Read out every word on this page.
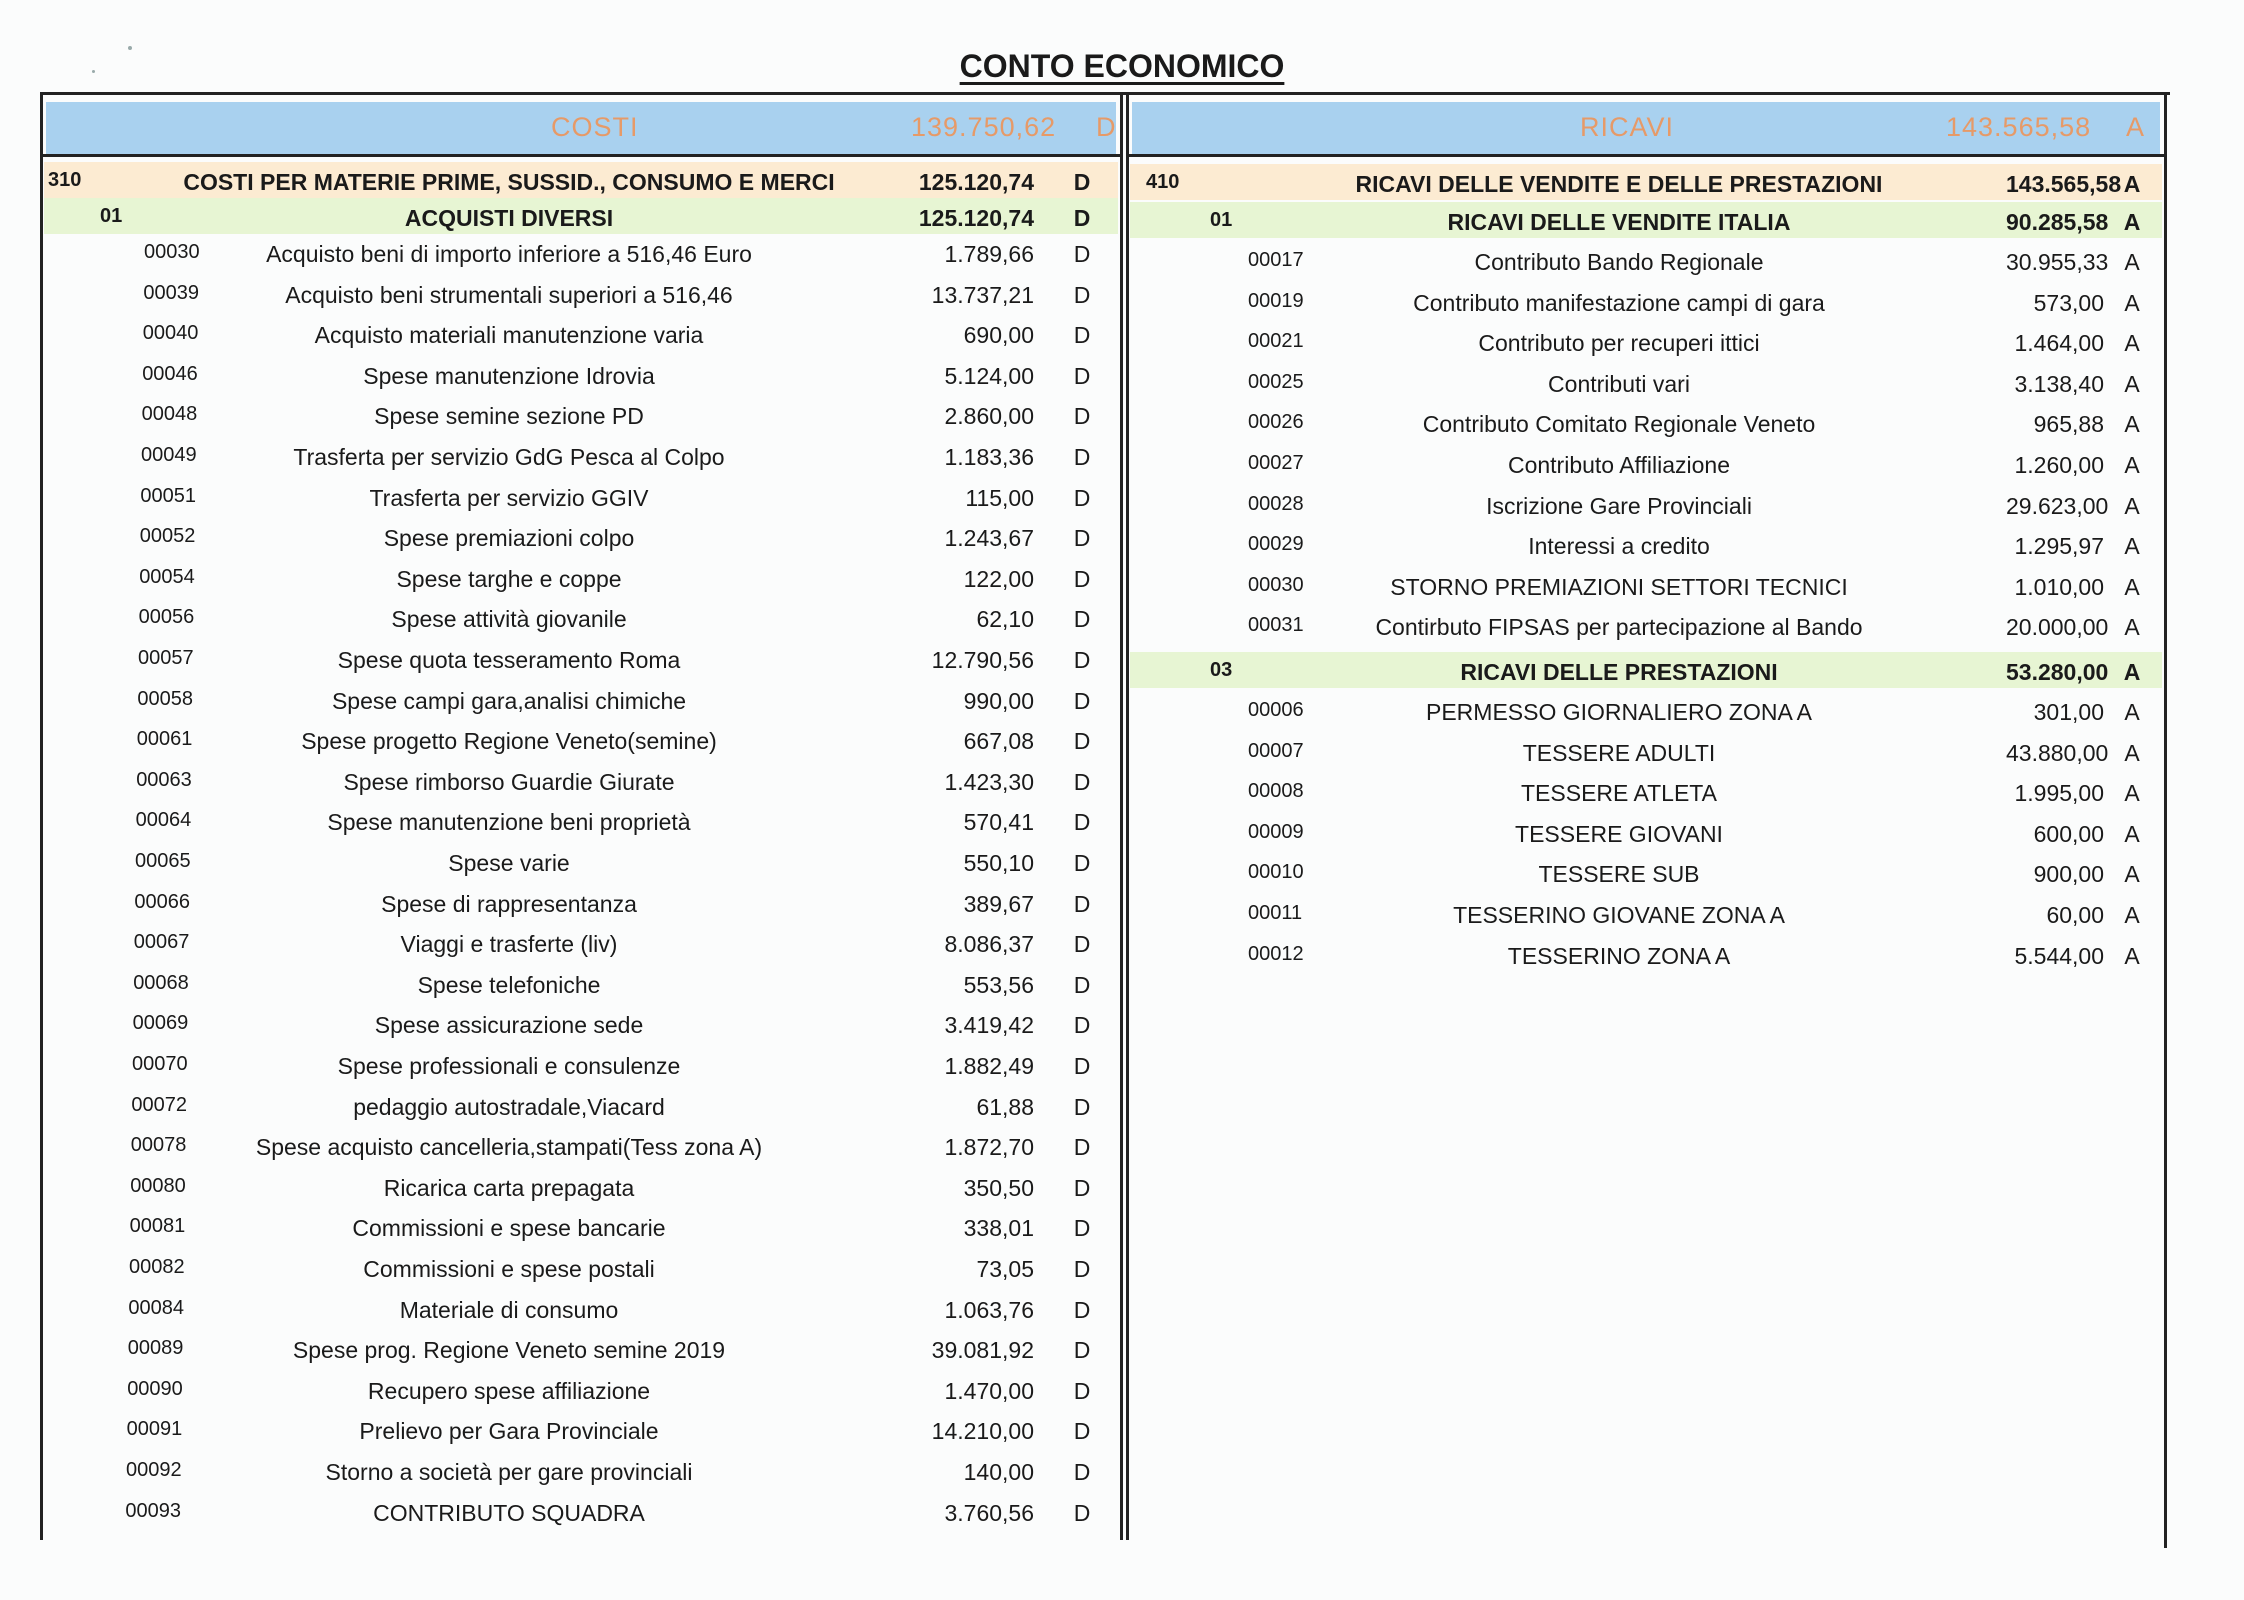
CONTO ECONOMICO
COSTI	139.750,62 D	RICAVI	143.565,58 A
310	COSTI PER MATERIE PRIME, SUSSID., CONSUMO E MERCI	125.120,74	D
01	ACQUISTI DIVERSI	125.120,74	D
00030	Acquisto beni di importo inferiore a 516,46 Euro	1.789,66	D
00039	Acquisto beni strumentali superiori a 516,46	13.737,21	D
00040	Acquisto materiali manutenzione varia	690,00	D
00046	Spese manutenzione Idrovia	5.124,00	D
00048	Spese semine sezione PD	2.860,00	D
00049	Trasferta per servizio GdG Pesca al Colpo	1.183,36	D
00051	Trasferta per servizio GGIV	115,00	D
00052	Spese premiazioni colpo	1.243,67	D
00054	Spese targhe e coppe	122,00	D
00056	Spese attività giovanile	62,10	D
00057	Spese quota tesseramento Roma	12.790,56	D
00058	Spese campi gara,analisi chimiche	990,00	D
00061	Spese progetto Regione Veneto(semine)	667,08	D
00063	Spese rimborso Guardie Giurate	1.423,30	D
00064	Spese manutenzione beni proprietà	570,41	D
00065	Spese varie	550,10	D
00066	Spese di rappresentanza	389,67	D
00067	Viaggi e trasferte (liv)	8.086,37	D
00068	Spese telefoniche	553,56	D
00069	Spese assicurazione sede	3.419,42	D
00070	Spese professionali e consulenze	1.882,49	D
00072	pedaggio autostradale,Viacard	61,88	D
00078	Spese acquisto cancelleria,stampati(Tess zona A)	1.872,70	D
00080	Ricarica carta prepagata	350,50	D
00081	Commissioni e spese bancarie	338,01	D
00082	Commissioni e spese postali	73,05	D
00084	Materiale di consumo	1.063,76	D
00089	Spese prog. Regione Veneto semine 2019	39.081,92	D
00090	Recupero spese affiliazione	1.470,00	D
00091	Prelievo per Gara Provinciale	14.210,00	D
00092	Storno a società per gare provinciali	140,00	D
00093	CONTRIBUTO SQUADRA	3.760,56	D
410	RICAVI DELLE VENDITE E DELLE PRESTAZIONI	143.565,58 A
01	RICAVI DELLE VENDITE ITALIA	90.285,58 A
00017	Contributo Bando Regionale	30.955,33 A
00019	Contributo manifestazione campi di gara	573,00 A
00021	Contributo per recuperi ittici	1.464,00 A
00025	Contributi vari	3.138,40 A
00026	Contributo Comitato Regionale Veneto	965,88 A
00027	Contributo Affiliazione	1.260,00 A
00028	Iscrizione Gare Provinciali	29.623,00 A
00029	Interessi a credito	1.295,97 A
00030	STORNO PREMIAZIONI SETTORI TECNICI	1.010,00 A
00031	Contirbuto FIPSAS per partecipazione al Bando	20.000,00 A
03	RICAVI DELLE PRESTAZIONI	53.280,00 A
00006	PERMESSO GIORNALIERO ZONA A	301,00 A
00007	TESSERE ADULTI	43.880,00 A
00008	TESSERE ATLETA	1.995,00 A
00009	TESSERE GIOVANI	600,00 A
00010	TESSERE SUB	900,00 A
00011	TESSERINO GIOVANE ZONA A	60,00 A
00012	TESSERINO ZONA A	5.544,00 A
